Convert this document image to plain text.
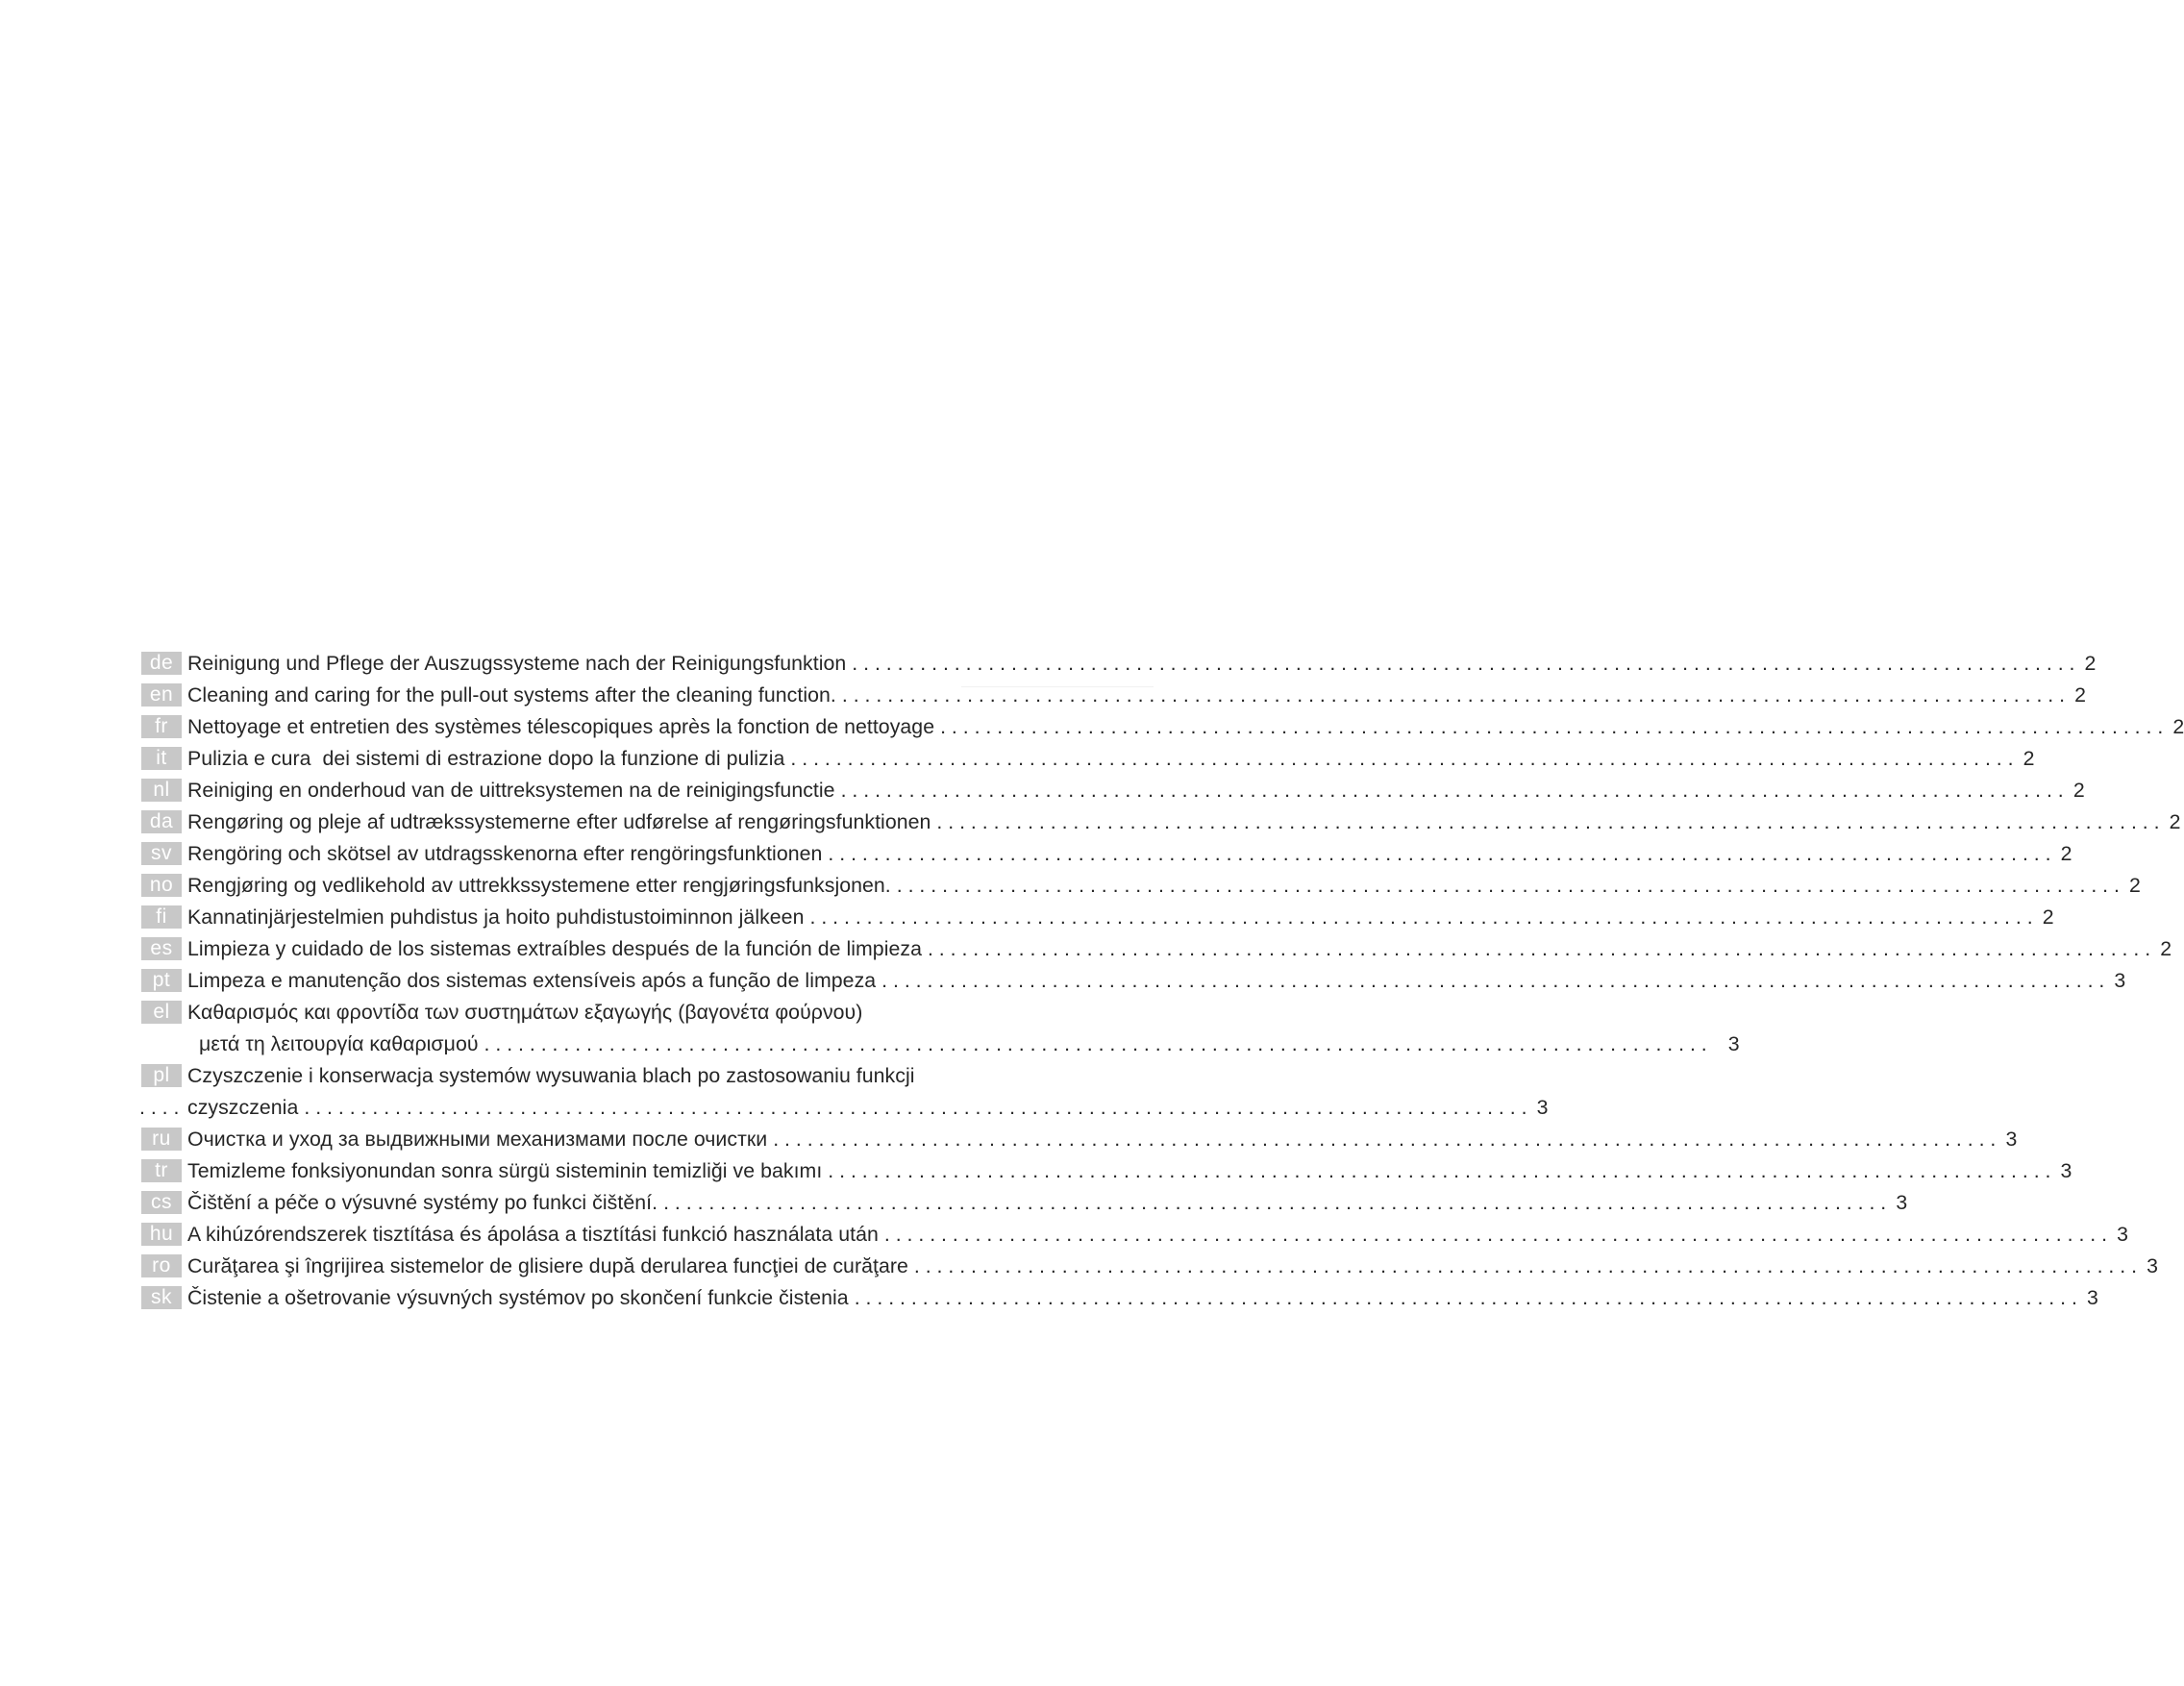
de Reinigung und Pflege der Auszugssysteme nach der Reinigungsfunktion . . .	2
en Cleaning and caring for the pull-out systems after the cleaning function. . . .	2
fr Nettoyage et entretien des systèmes télescopiques après la fonction de nettoyage . . .	2
it Pulizia e cura  dei sistemi di estrazione dopo la funzione di pulizia . . .	2
nl Reiniging en onderhoud van de uittreksystemen na de reinigingsfunctie . . .	2
da Rengøring og pleje af udtrækssystemerne efter udførelse af rengøringsfunktionen . . .	2
sv Rengöring och skötsel av utdragsskenorna efter rengöringsfunktionen . . .	2
no Rengjøring og vedlikehold av uttrekkssystemene etter rengjøringsfunksjonen. . . .	2
fi Kannatinjärjestelmien puhdistus ja hoito puhdistustoiminnon jälkeen . . .	2
es Limpieza y cuidado de los sistemas extraíbles después de la función de limpieza . . .	2
pt Limpeza e manutenção dos sistemas extensíveis após a função de limpeza . . .	3
el Καθαρισμός και φροντίδα των συστημάτων εξαγωγής (βαγονέτα φούρνου)
μετά τη λειτουργία καθαρισμού . . .	3
pl Czyszczenie i konserwacja systemów wysuwania blach po zastosowaniu funkcji
. . . . czyszczenia . . .	3
ru Очистка и уход за выдвижными механизмами после очистки . . .	3
tr Temizleme fonksiyonundan sonra sürgü sisteminin temizliği ve bakımı . . .	3
cs Čištění a péče o výsuvné systémy po funkci čištění. . . .	3
hu A kihúzórendszerek tisztítása és ápolása a tisztítási funkció használata után . . .	3
ro Curăţarea şi îngrijirea sistemelor de glisiere după derularea funcţiei de curăţare . . .	3
sk Čistenie a ošetrovanie výsuvných systémov po skončení funkcie čistenia . . .	3
